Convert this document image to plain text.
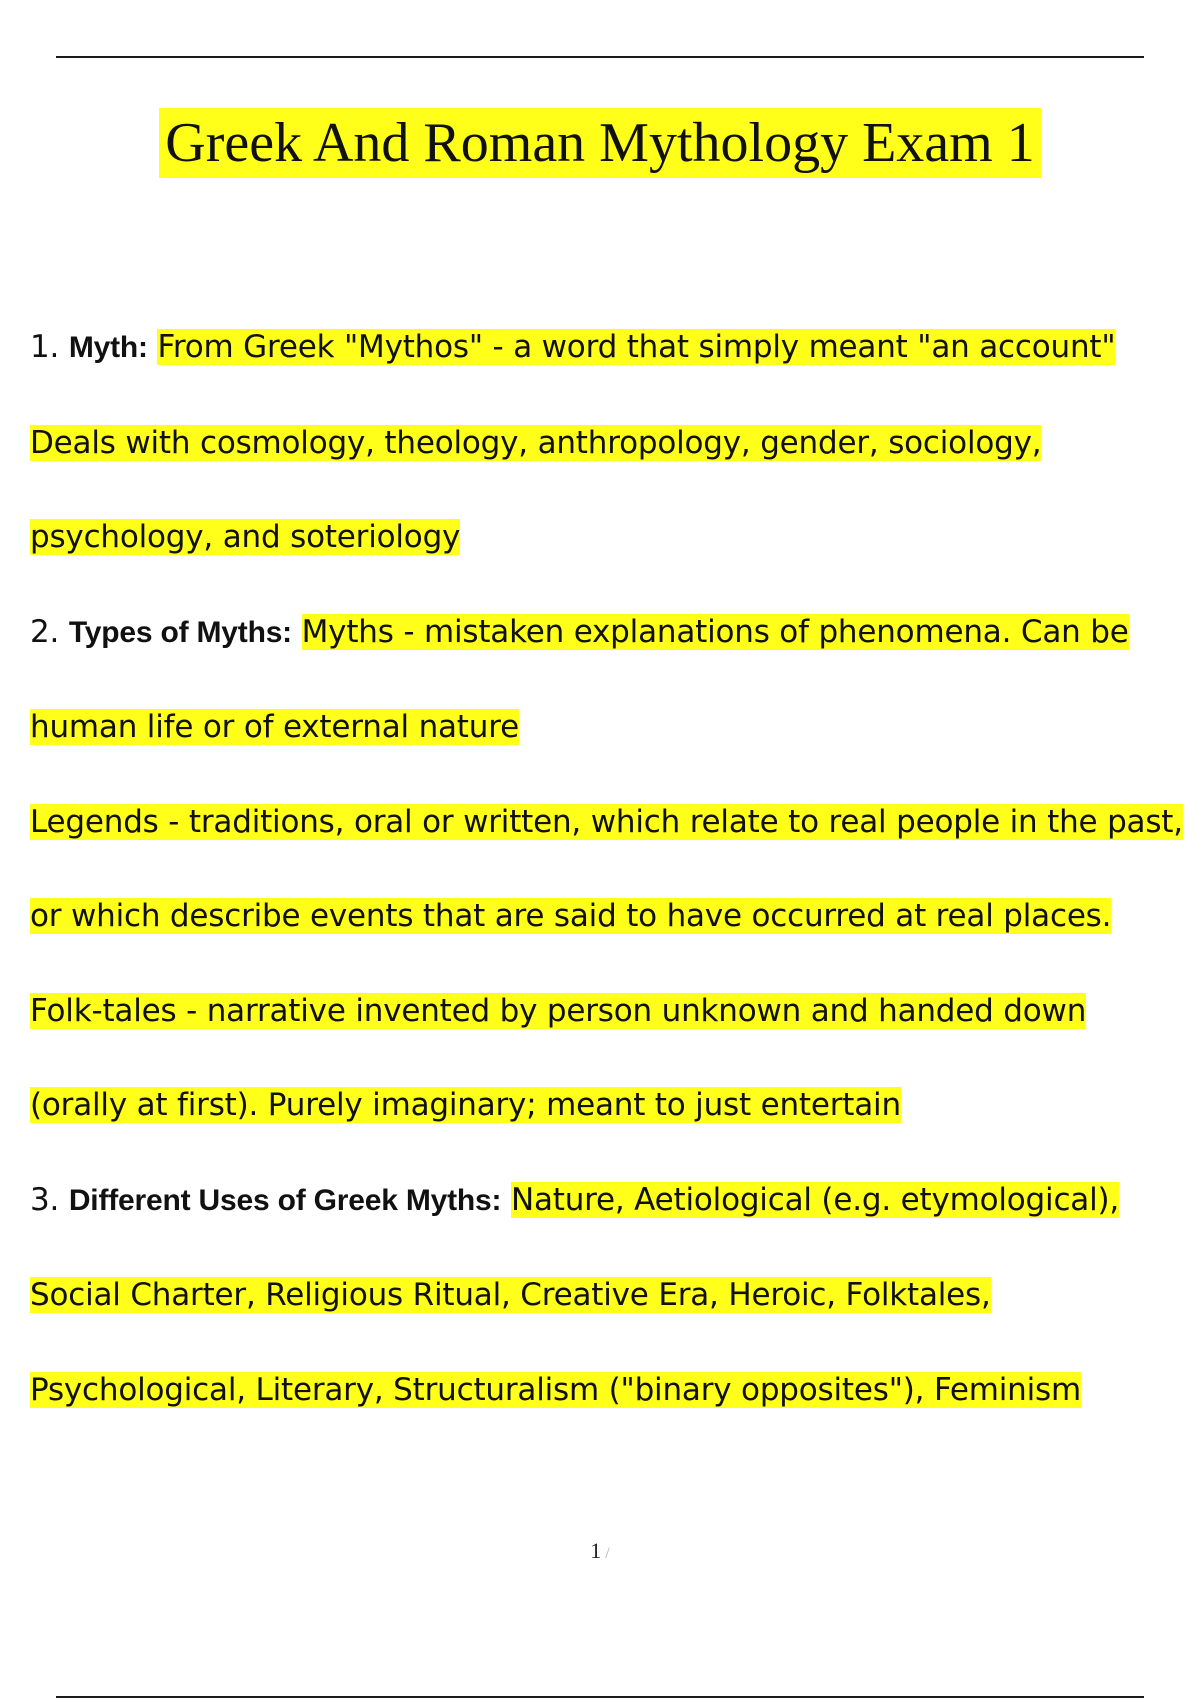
Greek And Roman Mythology Exam 1

1. Myth: From Greek "Mythos" - a word that simply meant "an account" Deals with cosmology, theology, anthropology, gender, sociology, psychology, and soteriology

2. Types of Myths: Myths - mistaken explanations of phenomena. Can be human life or of external nature

Legends - traditions, oral or written, which relate to real people in the past, or which describe events that are said to have occurred at real places.

Folk-tales - narrative invented by person unknown and handed down (orally at first). Purely imaginary; meant to just entertain

3. Different Uses of Greek Myths: Nature, Aetiological (e.g. etymological), Social Charter, Religious Ritual, Creative Era, Heroic, Folktales, Psychological, Literary, Structuralism ("binary opposites"), Feminism

1 /
